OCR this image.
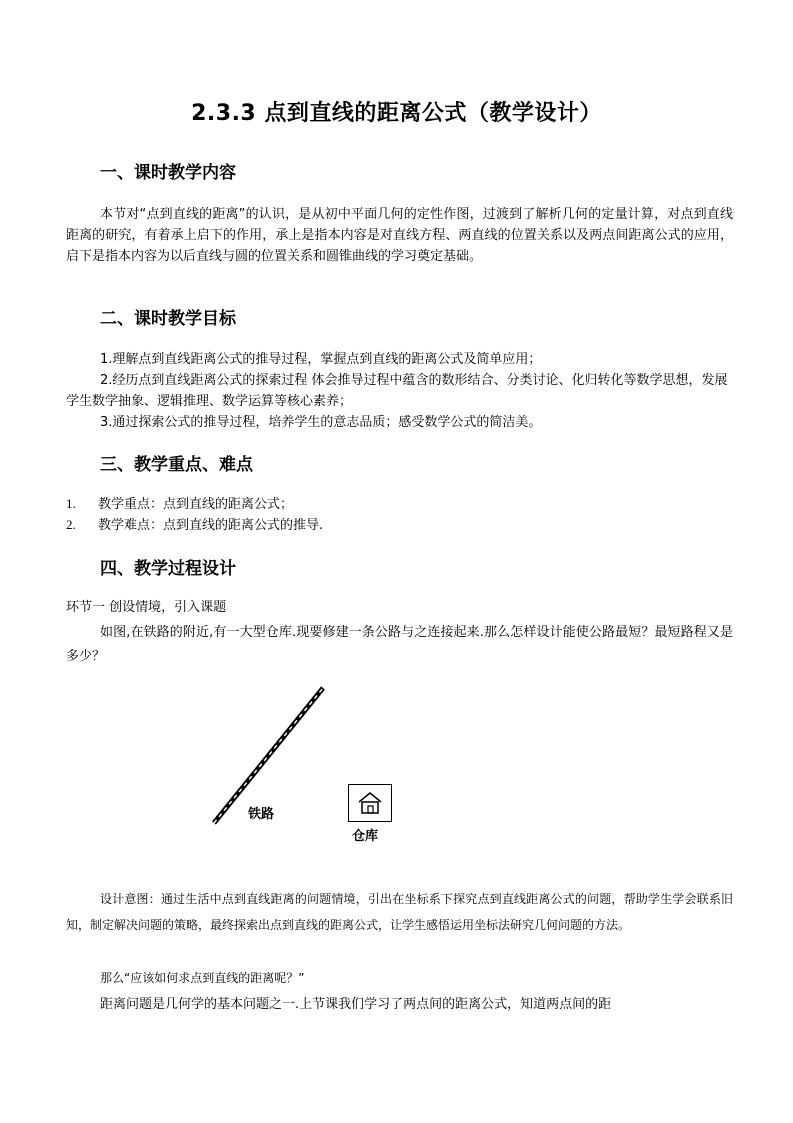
2.3.3 点到直线的距离公式（教学设计）
一、课时教学内容
本节对“点到直线的距离”的认识，是从初中平面几何的定性作图，过渡到了解析几何的定量计算，对点到直线距离的研究，有着承上启下的作用，承上是指本内容是对直线方程、两直线的位置关系以及两点间距离公式的应用，启下是指本内容为以后直线与圆的位置关系和圆锥曲线的学习奠定基础。
二、课时教学目标
1.理解点到直线距离公式的推导过程，掌握点到直线的距离公式及简单应用；
2.经历点到直线距离公式的探索过程 体会推导过程中蕴含的数形结合、分类讨论、化归转化等数学思想，发展学生数学抽象、逻辑推理、数学运算等核心素养；
3.通过探索公式的推导过程，培养学生的意志品质；感受数学公式的简洁美。
三、教学重点、难点
1. 教学重点：点到直线的距离公式；
2. 教学难点：点到直线的距离公式的推导.
四、教学过程设计
环节一 创设情境，引入课题
如图,在铁路的附近,有一大型仓库.现要修建一条公路与之连接起来.那么怎样设计能使公路最短？最短路程又是多少？
铁路
仓库
设计意图：通过生活中点到直线距离的问题情境，引出在坐标系下探究点到直线距离公式的问题，帮助学生学会联系旧知，制定解决问题的策略，最终探索出点到直线的距离公式，让学生感悟运用坐标法研究几何问题的方法。
那么“应该如何求点到直线的距离呢？”
距离问题是几何学的基本问题之一.上节课我们学习了两点间的距离公式，知道两点间的距
